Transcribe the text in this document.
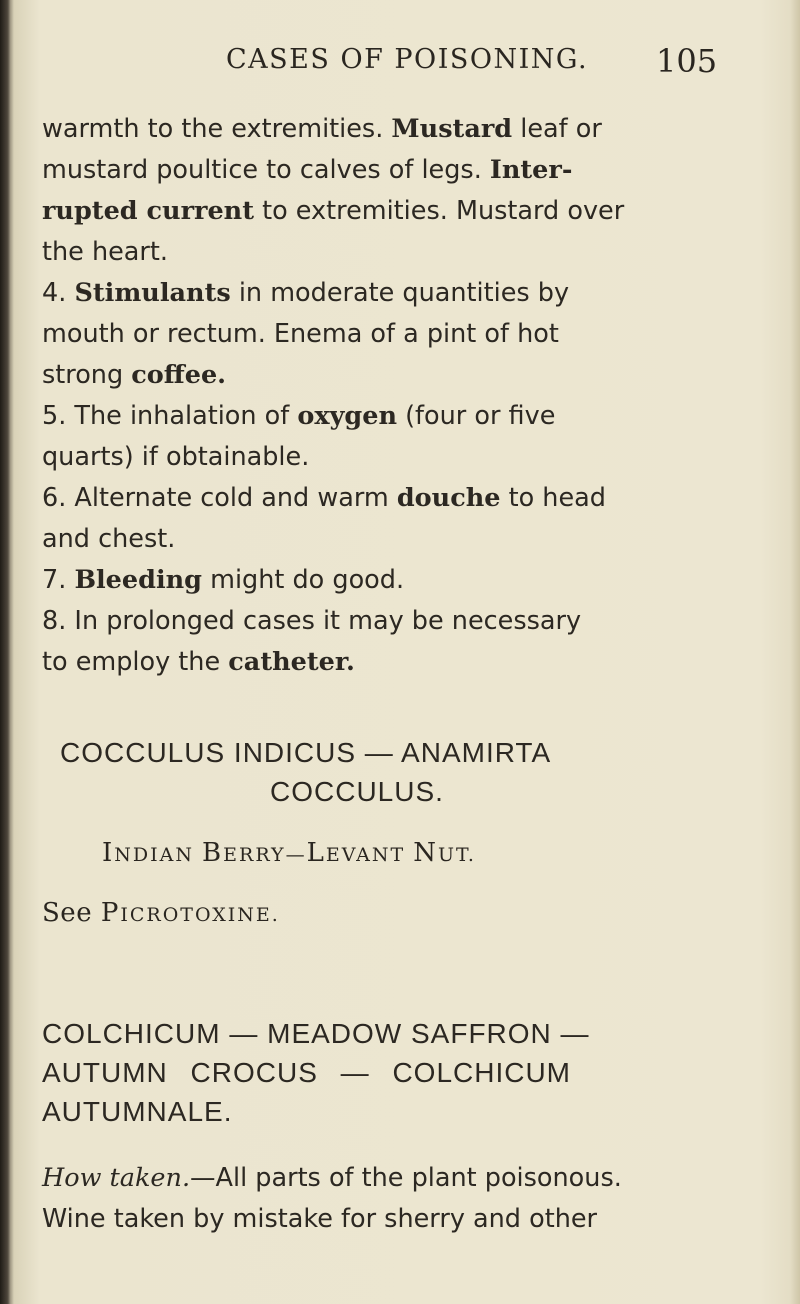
CASES OF POISONING. 105
warmth to the extremities. Mustard leaf or
mustard poultice to calves of legs. Inter-
rupted current to extremities. Mustard over
the heart.
4. Stimulants in moderate quantities by
mouth or rectum. Enema of a pint of hot
strong coffee.
5. The inhalation of oxygen (four or five
quarts) if obtainable.
6. Alternate cold and warm douche to head
and chest.
7. Bleeding might do good.
8. In prolonged cases it may be necessary
to employ the catheter.
COCCULUS INDICUS — ANAMIRTA
COCCULUS.
INDIAN BERRY—LEVANT NUT.
See PICROTOXINE.
COLCHICUM — MEADOW SAFFRON —
AUTUMN CROCUS — COLCHICUM
AUTUMNALE.
How taken.—All parts of the plant poisonous.
Wine taken by mistake for sherry and other
